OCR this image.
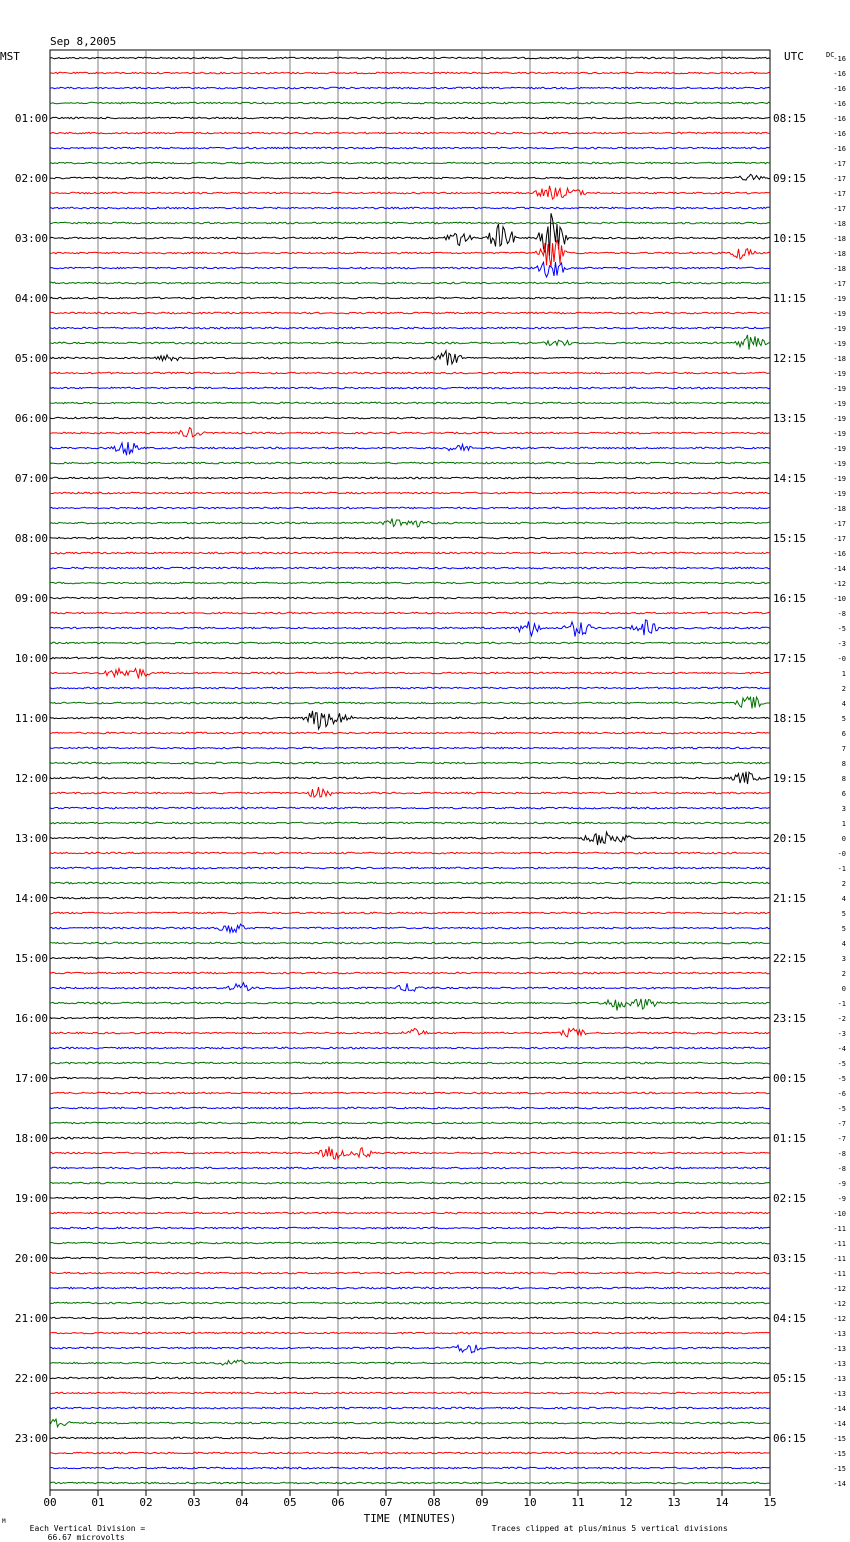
Sep 8,2005

MST	UTC	DC
TIME (MINUTES)
00	01	02	03	04	05	06	07	08	09	10	11	12	13	14	15
-16
-16
-16
-16
-16
-16
-16
-17
-17
-17
-17
-18
-18
-18
-18
-17
-19
-19
-19
-19
-18
-19
-19
-19
-19
-19
-19
-19
-19
-19
-18
-17
-17
-16
-14
-12
-10
-8
-5
-3
-0
1
2
4
5
6
7
8
8
6
3
1
0
-0
-1
2
4
5
5
4
3
2
0
-1
-2
-3
-4
-5
-5
-6
-5
-7
-7
-8
-8
-9
-9
-10
-11
-11
-11
-11
-12
-12
-12
-13
-13
-13
-13
-13
-14
-14
-15
-15
-15
-14
01:00
02:00
03:00
04:00
05:00
06:00
07:00
08:00
09:00
10:00
11:00
12:00
13:00
14:00
15:00
16:00
17:00
18:00
19:00
20:00
21:00
22:00
23:00
08:15
09:15
10:15
11:15
12:15
13:15
14:15
15:15
16:15
17:15
18:15
19:15
20:15
21:15
22:15
23:15
00:15
01:15
02:15
03:15
04:15
05:15
06:15

Each Vertical Division =
66.67 microvolts

Traces clipped at plus/minus 5 vertical divisions

M
